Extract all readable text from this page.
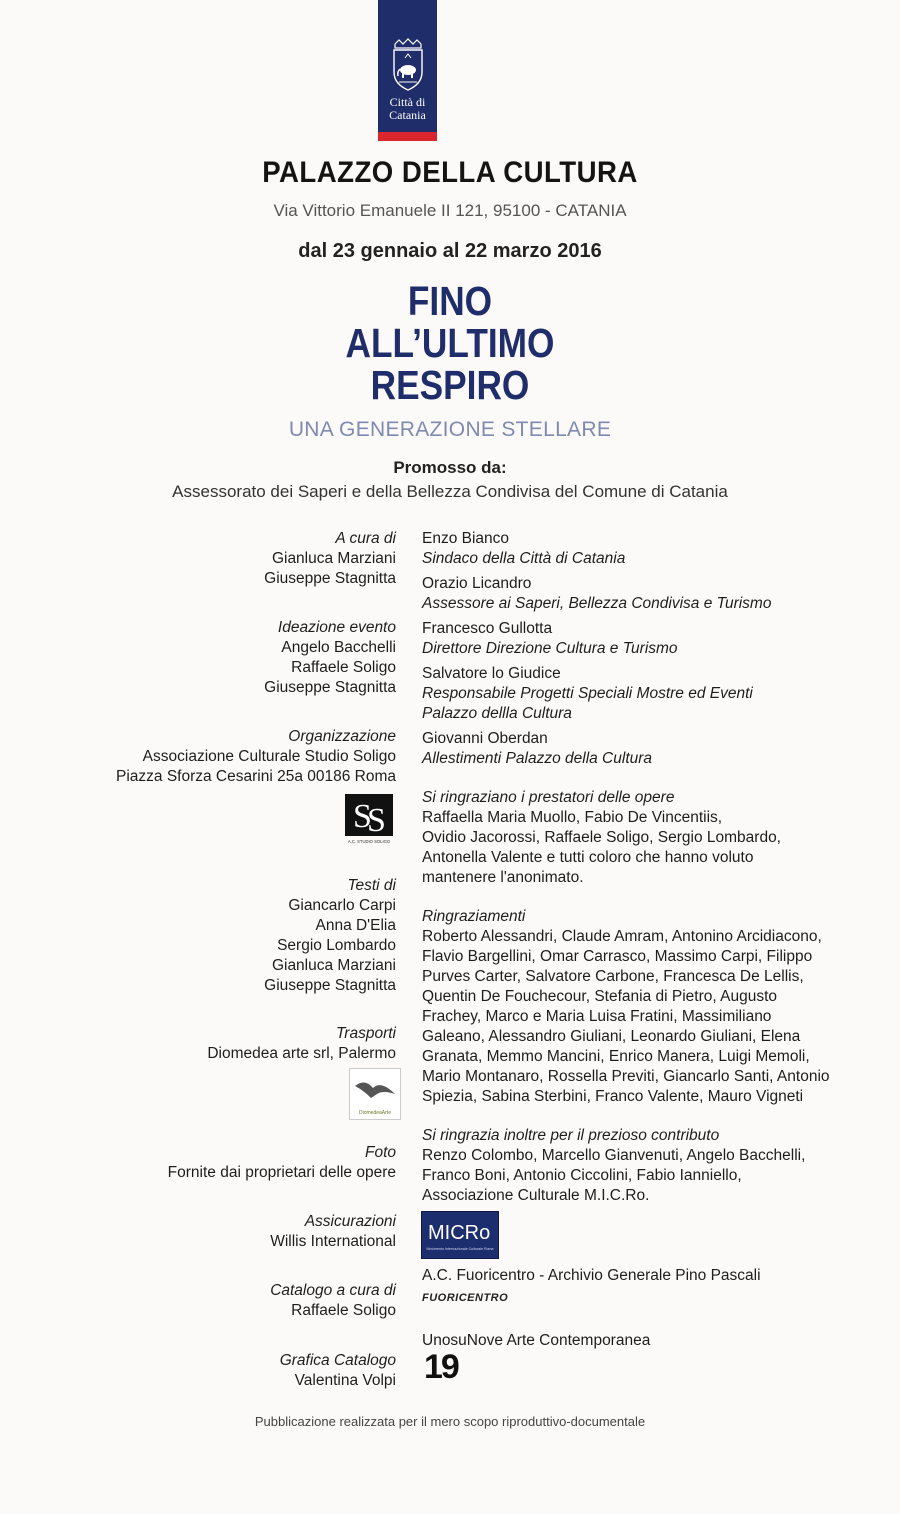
Città di
Catania
PALAZZO DELLA CULTURA
Via Vittorio Emanuele II 121, 95100 - CATANIA
dal 23 gennaio al 22 marzo 2016
FINO
ALL’ULTIMO
RESPIRO
UNA GENERAZIONE STELLARE
Promosso da:
Assessorato dei Saperi e della Bellezza Condivisa del Comune di Catania
A cura di
Gianluca Marziani
Giuseppe Stagnitta
Ideazione evento
Angelo Bacchelli
Raffaele Soligo
Giuseppe Stagnitta
Organizzazione
Associazione Culturale Studio Soligo
Piazza Sforza Cesarini 25a 00186 Roma
S
S
A.C. STUDIO SOLIGO
Testi di
Giancarlo Carpi
Anna D'Elia
Sergio Lombardo
Gianluca Marziani
Giuseppe Stagnitta
Trasporti
Diomedea arte srl, Palermo
DiomedeaArte
Foto
Fornite dai proprietari delle opere
Assicurazioni
Willis International
Catalogo a cura di
Raffaele Soligo
Grafica Catalogo
Valentina Volpi
Enzo Bianco
Sindaco della Città di Catania
Orazio Licandro
Assessore ai Saperi, Bellezza Condivisa e Turismo
Francesco Gullotta
Direttore Direzione Cultura e Turismo
Salvatore lo Giudice
Responsabile Progetti Speciali Mostre ed Eventi
Palazzo dellla Cultura
Giovanni Oberdan
Allestimenti Palazzo della Cultura
Si ringraziano i prestatori delle opere
Raffaella Maria Muollo, Fabio De Vincentiis,
Ovidio Jacorossi, Raffaele Soligo, Sergio Lombardo,
Antonella Valente e tutti coloro che hanno voluto
mantenere l'anonimato.
Ringraziamenti
Roberto Alessandri, Claude Amram, Antonino Arcidiacono,
Flavio Bargellini, Omar Carrasco, Massimo Carpi, Filippo
Purves Carter, Salvatore Carbone, Francesca De Lellis,
Quentin De Fouchecour, Stefania di Pietro, Augusto
Frachey, Marco e Maria Luisa Fratini, Massimiliano
Galeano, Alessandro Giuliani, Leonardo Giuliani, Elena
Granata, Memmo Mancini, Enrico Manera, Luigi Memoli,
Mario Montanaro, Rossella Previti, Giancarlo Santi, Antonio
Spiezia, Sabina Sterbini, Franco Valente, Mauro Vigneti
Si ringrazia inoltre per il prezioso contributo
Renzo Colombo, Marcello Gianvenuti, Angelo Bacchelli,
Franco Boni, Antonio Ciccolini, Fabio Ianniello,
Associazione Culturale M.I.C.Ro.
MICRo
Movimento Internazionale Culturale Roma
A.C. Fuoricentro - Archivio Generale Pino Pascali
FUORICENTRO
UnosuNove Arte Contemporanea
19
Pubblicazione realizzata per il mero scopo riproduttivo-documentale
